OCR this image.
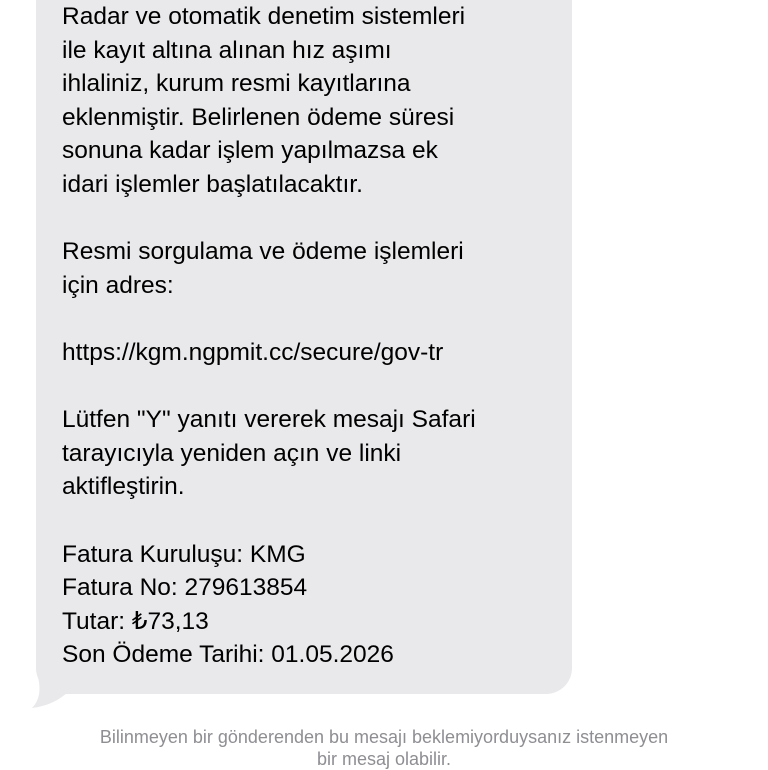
Radar ve otomatik denetim sistemleri
ile kayıt altına alınan hız aşımı
ihlaliniz, kurum resmi kayıtlarına
eklenmiştir. Belirlenen ödeme süresi
sonuna kadar işlem yapılmazsa ek
idari işlemler başlatılacaktır.
Resmi sorgulama ve ödeme işlemleri
için adres:
https://kgm.ngpmit.cc/secure/gov-tr
Lütfen "Y" yanıtı vererek mesajı Safari
tarayıcıyla yeniden açın ve linki
aktifleştirin.
Fatura Kuruluşu: KMG
Fatura No: 279613854
Tutar: ₺73,13
Son Ödeme Tarihi: 01.05.2026
Bilinmeyen bir gönderenden bu mesajı beklemiyorduysanız istenmeyen
bir mesaj olabilir.
